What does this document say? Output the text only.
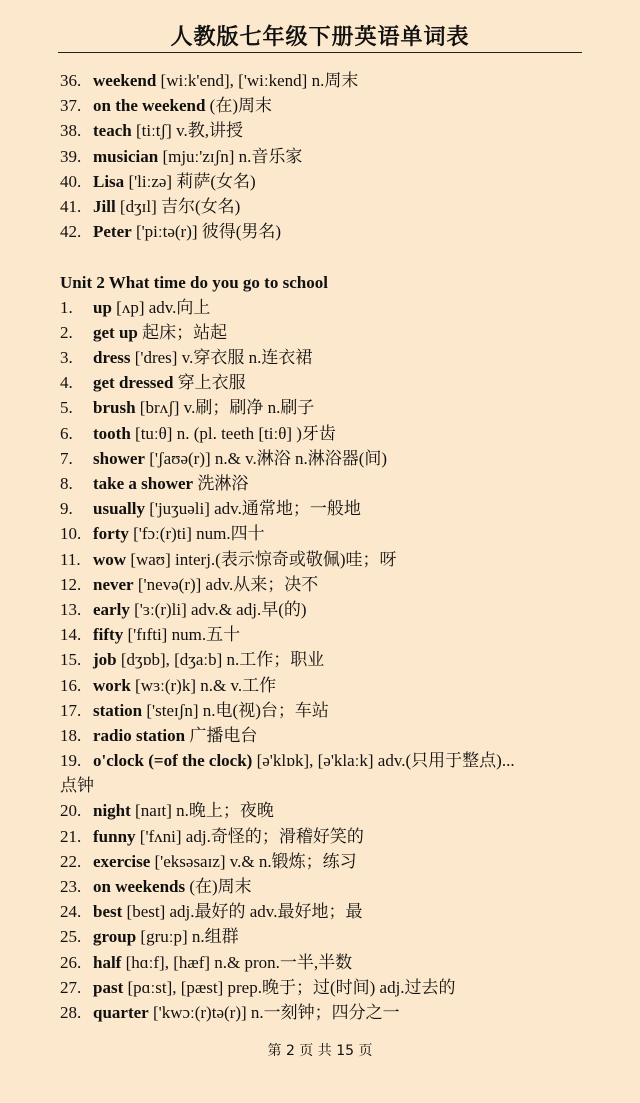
人教版七年级下册英语单词表
36. weekend [wiːk'end], ['wiːkend] n.周末
37. on the weekend (在)周末
38. teach [tiːtʃ] v.教,讲授
39. musician [mjuː'zɪʃn] n.音乐家
40. Lisa ['liːzə] 莉萨(女名)
41. Jill [dʒɪl] 吉尔(女名)
42. Peter ['piːtə(r)] 彼得(男名)
Unit 2 What time do you go to school
1. up [ʌp] adv.向上
2. get up 起床；站起
3. dress ['dres] v.穿衣服 n.连衣裙
4. get dressed 穿上衣服
5. brush [brʌʃ] v.刷；刷净 n.刷子
6. tooth [tuːθ] n. (pl. teeth [tiːθ] )牙齿
7. shower ['ʃaʊə(r)] n.& v.淋浴 n.淋浴器(间)
8. take a shower 洗淋浴
9. usually ['juʒuəli] adv.通常地；一般地
10. forty ['fɔː(r)ti] num.四十
11. wow [waʊ] interj.(表示惊奇或敬佩)哇；呀
12. never ['nevə(r)] adv.从来；决不
13. early ['ɜː(r)li] adv.& adj.早(的)
14. fifty ['fɪfti] num.五十
15. job [dʒɒb], [dʒaːb] n.工作；职业
16. work [wɜː(r)k] n.& v.工作
17. station ['steɪʃn] n.电(视)台；车站
18. radio station 广播电台
19. o'clock (=of the clock) [ə'klɒk], [ə'klaːk] adv.(只用于整点)...
点钟
20. night [naɪt] n.晚上；夜晚
21. funny ['fʌni] adj.奇怪的；滑稽好笑的
22. exercise ['eksəsaɪz] v.& n.锻炼；练习
23. on weekends (在)周末
24. best [best] adj.最好的 adv.最好地；最
25. group [gruːp] n.组群
26. half [hɑːf], [hæf] n.& pron.一半,半数
27. past [pɑːst], [pæst] prep.晚于；过(时间) adj.过去的
28. quarter ['kwɔː(r)tə(r)] n.一刻钟；四分之一
第 2 页 共 15 页
